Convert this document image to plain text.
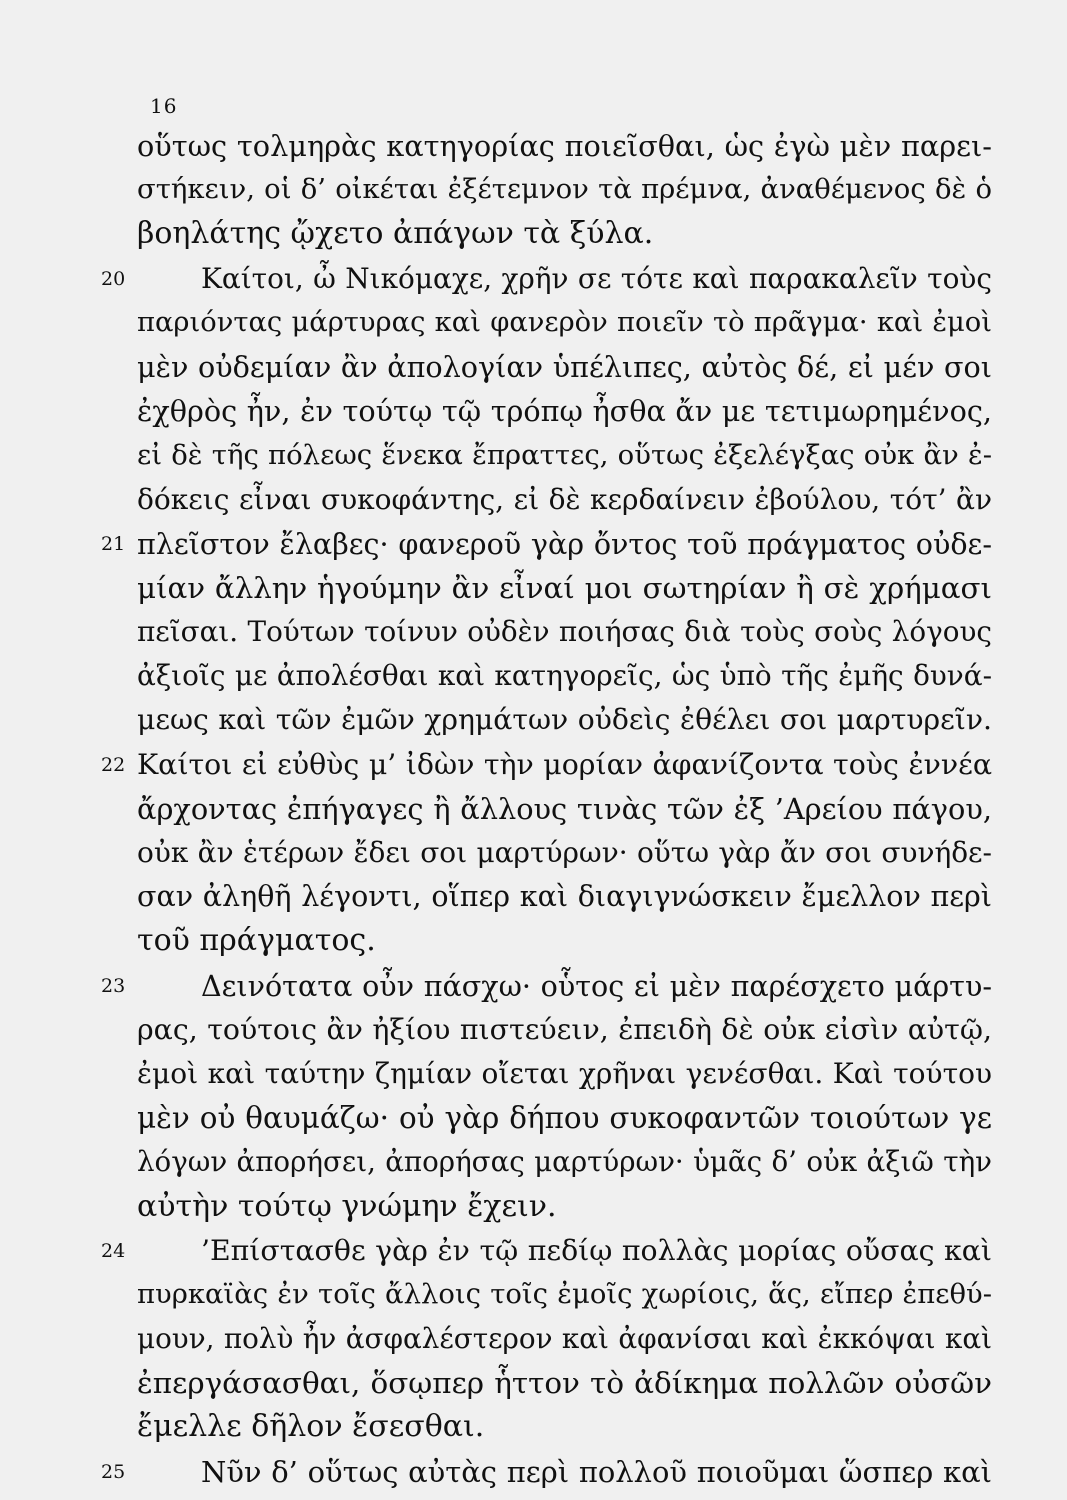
16
οὕτως τολμηρὰς κατηγορίας ποιεῖσθαι, ὡς ἐγὼ μὲν παρει-
στήκειν, οἱ δ’ οἰκέται ἐξέτεμνον τὰ πρέμνα, ἀναθέμενος δὲ ὁ
βοηλάτης ᾤχετο ἀπάγων τὰ ξύλα.
20	Καίτοι, ὦ Νικόμαχε, χρῆν σε τότε καὶ παρακαλεῖν τοὺς
παριόντας μάρτυρας καὶ φανερὸν ποιεῖν τὸ πρᾶγμα· καὶ ἐμοὶ
μὲν οὐδεμίαν ἂν ἀπολογίαν ὑπέλιπες, αὐτὸς δέ, εἰ μέν σοι
ἐχθρὸς ἦν, ἐν τούτῳ τῷ τρόπῳ ἦσθα ἄν με τετιμωρημένος,
εἰ δὲ τῆς πόλεως ἕνεκα ἔπραττες, οὕτως ἐξελέγξας οὐκ ἂν ἐ-
δόκεις εἶναι συκοφάντης, εἰ δὲ κερδαίνειν ἐβούλου, τότ’ ἂν
21 πλεῖστον ἔλαβες· φανεροῦ γὰρ ὄντος τοῦ πράγματος οὐδε-
μίαν ἄλλην ἡγούμην ἂν εἶναί μοι σωτηρίαν ἢ σὲ χρήμασι
πεῖσαι. Τούτων τοίνυν οὐδὲν ποιήσας διὰ τοὺς σοὺς λόγους
ἀξιοῖς με ἀπολέσθαι καὶ κατηγορεῖς, ὡς ὑπὸ τῆς ἐμῆς δυνά-
μεως καὶ τῶν ἐμῶν χρημάτων οὐδεὶς ἐθέλει σοι μαρτυρεῖν.
22 Καίτοι εἰ εὐθὺς μ’ ἰδὼν τὴν μορίαν ἀφανίζοντα τοὺς ἐννέα
ἄρχοντας ἐπήγαγες ἢ ἄλλους τινὰς τῶν ἐξ ’Αρείου πάγου,
οὐκ ἂν ἑτέρων ἔδει σοι μαρτύρων· οὕτω γὰρ ἄν σοι συνήδε-
σαν ἀληθῆ λέγοντι, οἵπερ καὶ διαγιγνώσκειν ἔμελλον περὶ
τοῦ πράγματος.
23	Δεινότατα οὖν πάσχω· οὗτος εἰ μὲν παρέσχετο μάρτυ-
ρας, τούτοις ἂν ἠξίου πιστεύειν, ἐπειδὴ δὲ οὐκ εἰσὶν αὐτῷ,
ἐμοὶ καὶ ταύτην ζημίαν οἴεται χρῆναι γενέσθαι. Καὶ τούτου
μὲν οὐ θαυμάζω· οὐ γὰρ δήπου συκοφαντῶν τοιούτων γε
λόγων ἀπορήσει, ἀπορήσας μαρτύρων· ὑμᾶς δ’ οὐκ ἀξιῶ τὴν
αὐτὴν τούτῳ γνώμην ἔχειν.
24	’Επίστασθε γὰρ ἐν τῷ πεδίῳ πολλὰς μορίας οὔσας καὶ
πυρκαϊὰς ἐν τοῖς ἄλλοις τοῖς ἐμοῖς χωρίοις, ἅς, εἴπερ ἐπεθύ-
μουν, πολὺ ἦν ἀσφαλέστερον καὶ ἀφανίσαι καὶ ἐκκόψαι καὶ
ἐπεργάσασθαι, ὅσῳπερ ἧττον τὸ ἀδίκημα πολλῶν οὐσῶν
ἔμελλε δῆλον ἔσεσθαι.
25	Νῦν δ’ οὕτως αὐτὰς περὶ πολλοῦ ποιοῦμαι ὥσπερ καὶ
